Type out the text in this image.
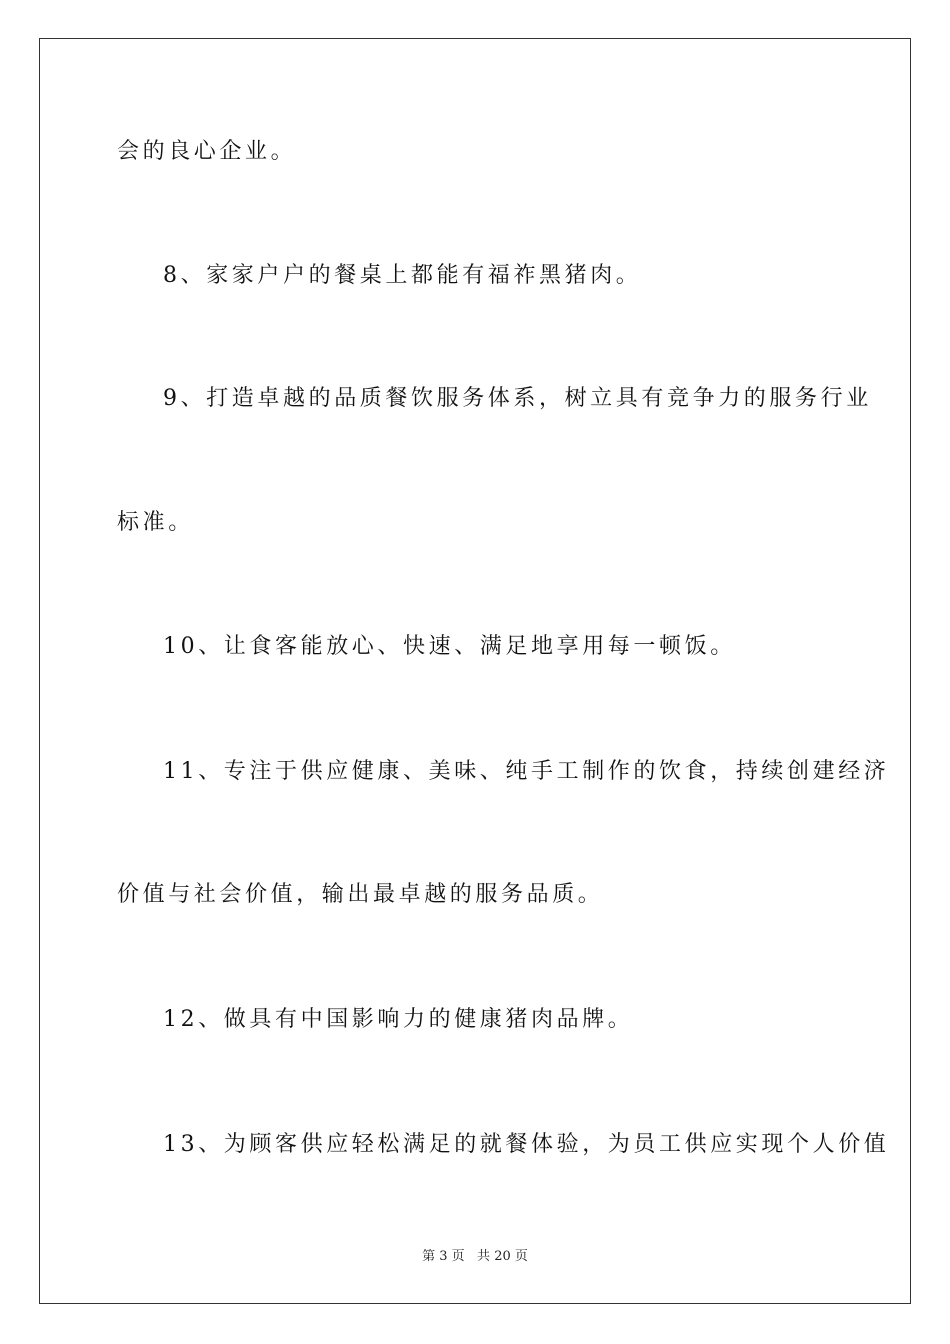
会的良心企业。
8、家家户户的餐桌上都能有福祚黑猪肉。
9、打造卓越的品质餐饮服务体系，树立具有竞争力的服务行业
标准。
10、让食客能放心、快速、满足地享用每一顿饭。
11、专注于供应健康、美味、纯手工制作的饮食，持续创建经济
价值与社会价值，输出最卓越的服务品质。
12、做具有中国影响力的健康猪肉品牌。
13、为顾客供应轻松满足的就餐体验，为员工供应实现个人价值
第 3 页   共 20 页
